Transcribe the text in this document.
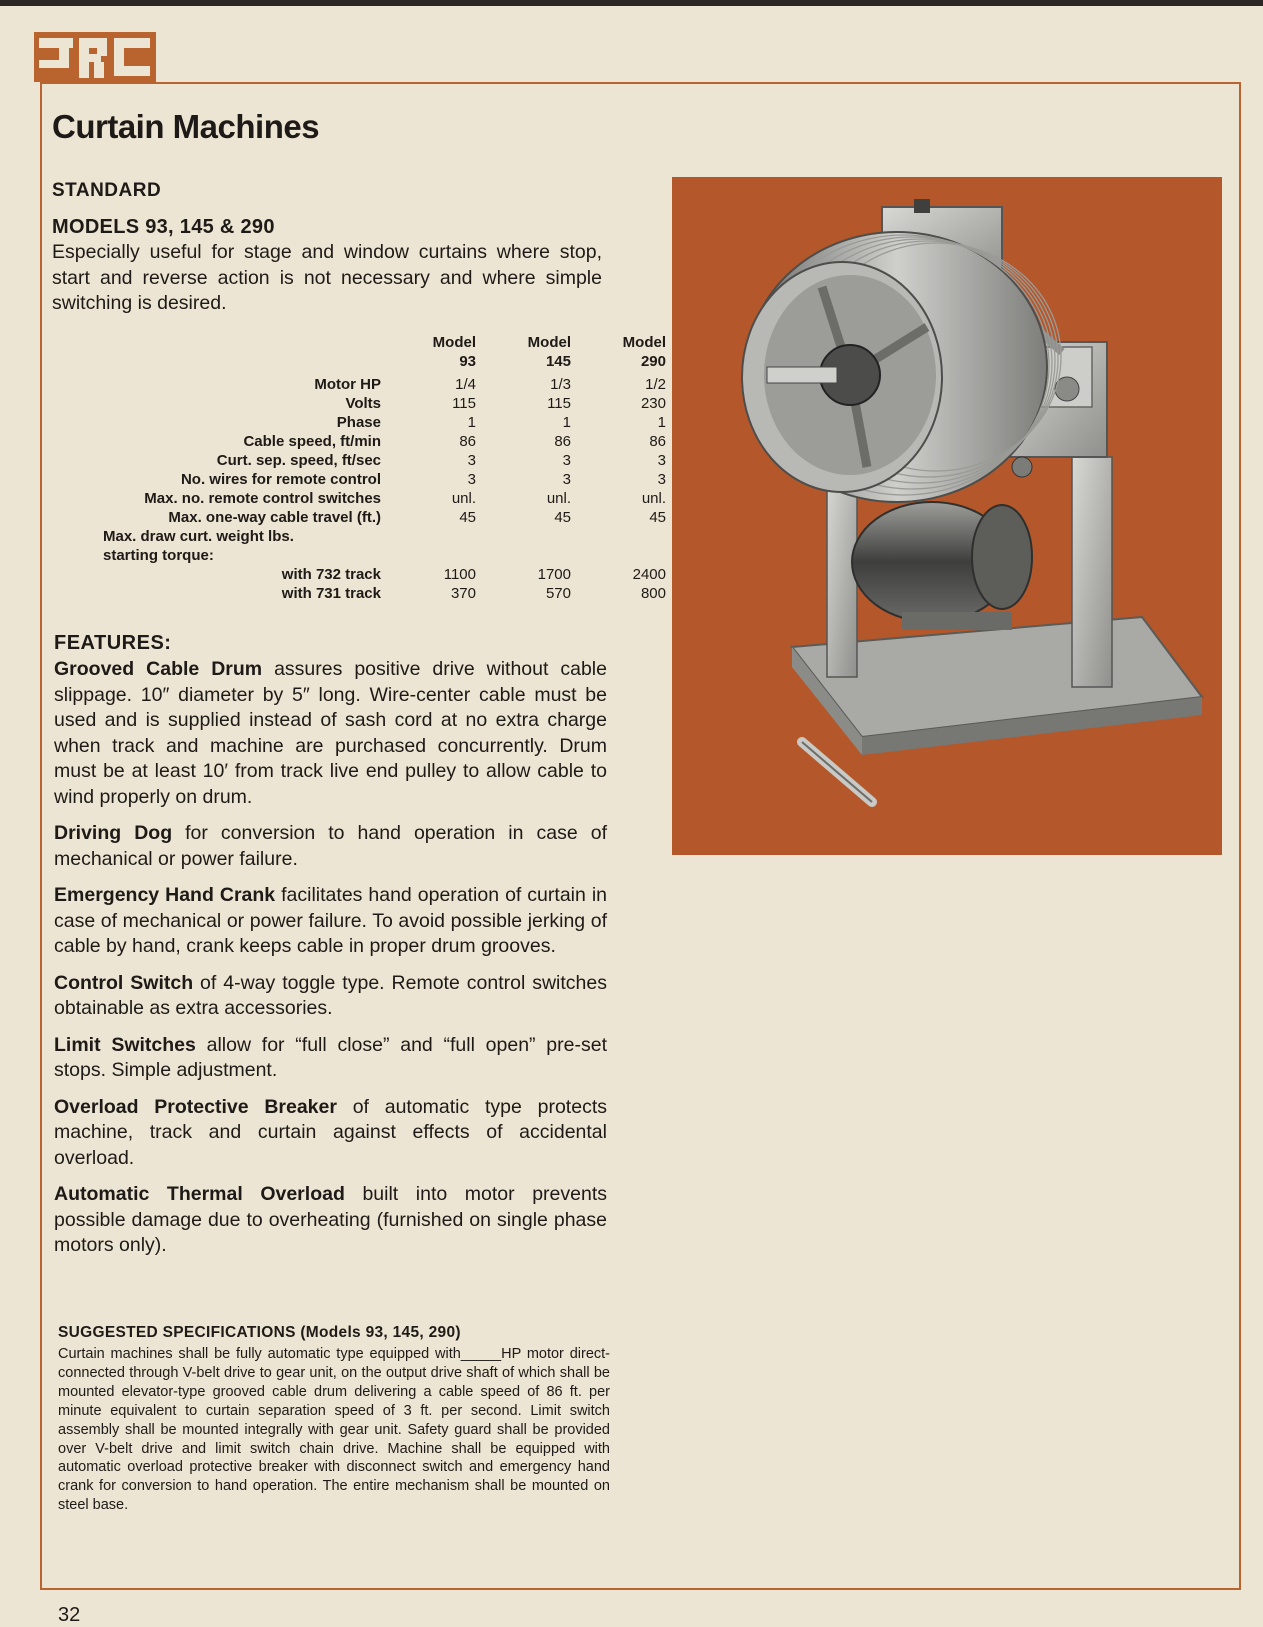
Curtain Machines
STANDARD
MODELS 93, 145 & 290
Especially useful for stage and window curtains where stop, start and reverse action is not necessary and where simple switching is desired.
	Model	Model	Model
	93	145	290

Motor HP	1/4	1/3	1/2
Volts	115	115	230
Phase	1	1	1
Cable speed, ft/min	86	86	86
Curt. sep. speed, ft/sec	3	3	3
No. wires for remote control	3	3	3
Max. no. remote control switches	unl.	unl.	unl.
Max. one-way cable travel (ft.)	45	45	45
Max. draw curt. weight lbs.			
starting torque:			
with 732 track	1100	1700	2400
with 731 track	370	570	800
FEATURES:

Grooved Cable Drum assures positive drive without cable slippage. 10″ diameter by 5″ long. Wire-center cable must be used and is supplied instead of sash cord at no extra charge when track and machine are purchased concurrently. Drum must be at least 10′ from track live end pulley to allow cable to wind properly on drum.

Driving Dog for conversion to hand operation in case of mechanical or power failure.

Emergency Hand Crank facilitates hand operation of curtain in case of mechanical or power failure. To avoid possible jerking of cable by hand, crank keeps cable in proper drum grooves.

Control Switch of 4-way toggle type. Remote control switches obtainable as extra accessories.

Limit Switches allow for “full close” and “full open” pre-set stops. Simple adjustment.

Overload Protective Breaker of automatic type protects machine, track and curtain against effects of accidental overload.

Automatic Thermal Overload built into motor prevents possible damage due to overheating (furnished on single phase motors only).

SUGGESTED SPECIFICATIONS (Models 93, 145, 290)
Curtain machines shall be fully automatic type equipped with_____HP motor direct-connected through V-belt drive to gear unit, on the output drive shaft of which shall be mounted elevator-type grooved cable drum delivering a cable speed of 86 ft. per minute equivalent to curtain separation speed of 3 ft. per second. Limit switch assembly shall be mounted integrally with gear unit. Safety guard shall be provided over V-belt drive and limit switch chain drive. Machine shall be equipped with automatic overload protective breaker with disconnect switch and emergency hand crank for conversion to hand operation. The entire mechanism shall be mounted on steel base.
32
